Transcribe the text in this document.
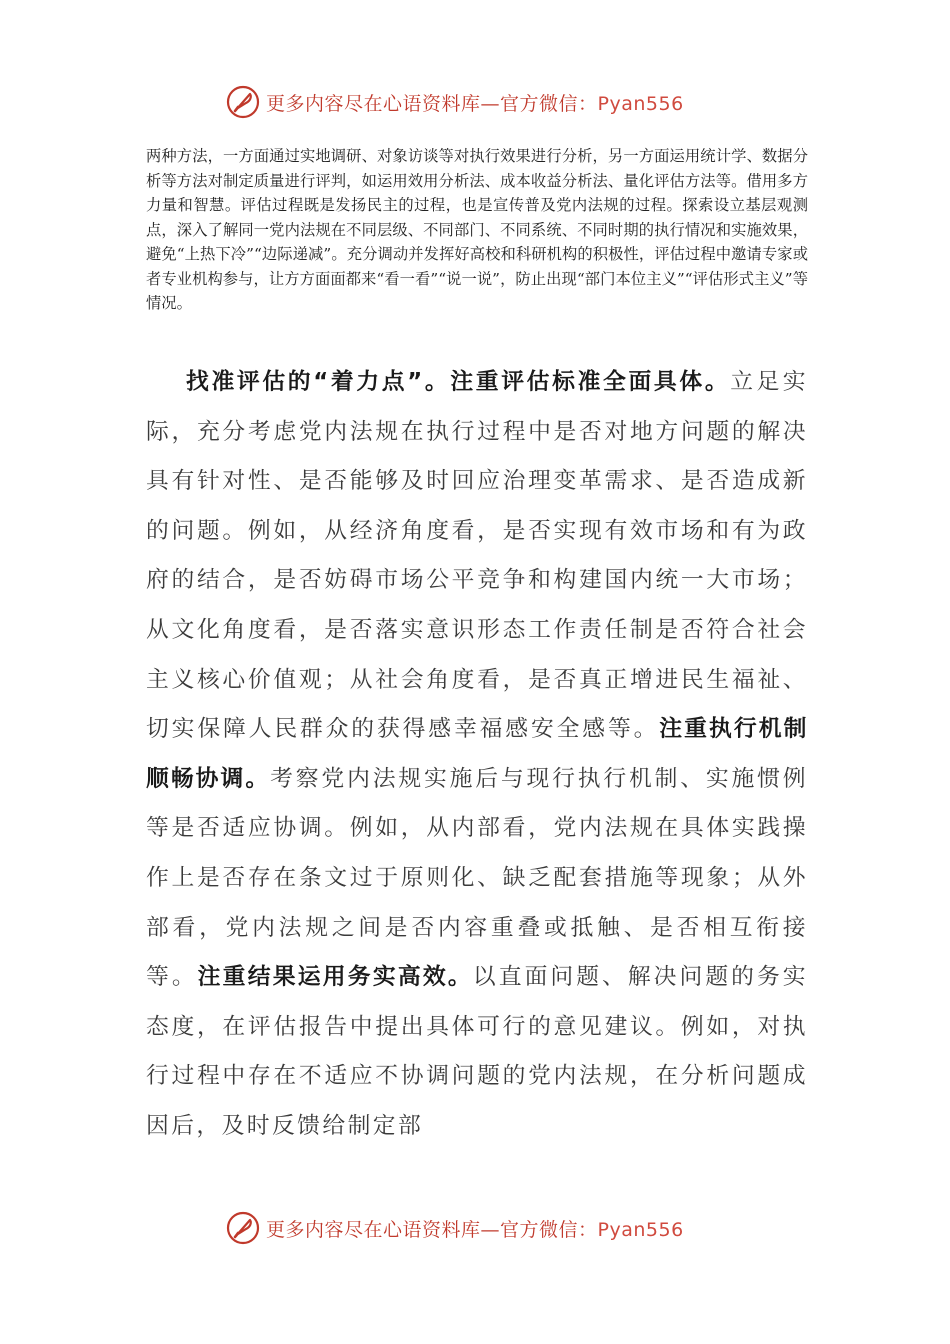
更多内容尽在心语资料库—官方微信：Pyan556

两种方法，一方面通过实地调研、对象访谈等对执行效果进行分析，另一方面运用统计学、数据分析等方法对制定质量进行评判，如运用效用分析法、成本收益分析法、量化评估方法等。借用多方力量和智慧。评估过程既是发扬民主的过程，也是宣传普及党内法规的过程。探索设立基层观测点，深入了解同一党内法规在不同层级、不同部门、不同系统、不同时期的执行情况和实施效果，避免“上热下冷”“边际递减”。充分调动并发挥好高校和科研机构的积极性，评估过程中邀请专家或者专业机构参与，让方方面面都来“看一看”“说一说”，防止出现“部门本位主义”“评估形式主义”等情况。

找准评估的“着力点”。注重评估标准全面具体。立足实际，充分考虑党内法规在执行过程中是否对地方问题的解决具有针对性、是否能够及时回应治理变革需求、是否造成新的问题。例如，从经济角度看，是否实现有效市场和有为政府的结合，是否妨碍市场公平竞争和构建国内统一大市场；从文化角度看，是否落实意识形态工作责任制是否符合社会主义核心价值观；从社会角度看，是否真正增进民生福祉、切实保障人民群众的获得感幸福感安全感等。注重执行机制顺畅协调。考察党内法规实施后与现行执行机制、实施惯例等是否适应协调。例如，从内部看，党内法规在具体实践操作上是否存在条文过于原则化、缺乏配套措施等现象；从外部看，党内法规之间是否内容重叠或抵触、是否相互衔接等。注重结果运用务实高效。以直面问题、解决问题的务实态度，在评估报告中提出具体可行的意见建议。例如，对执行过程中存在不适应不协调问题的党内法规，在分析问题成因后，及时反馈给制定部

更多内容尽在心语资料库—官方微信：Pyan556
